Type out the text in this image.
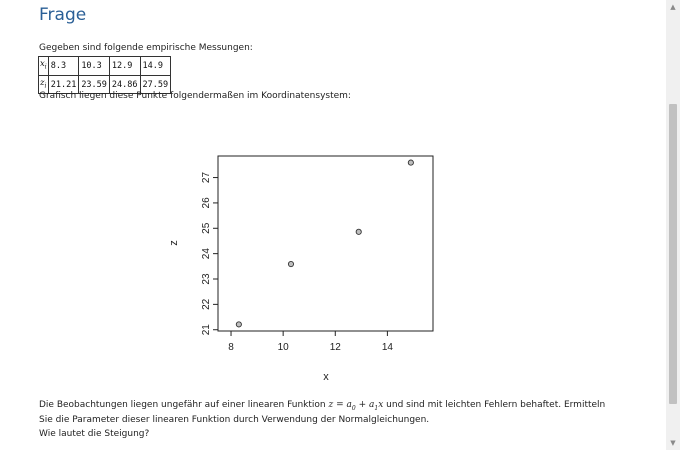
Frage
Gegeben sind folgende empirische Messungen:
$x_i$	8.3	10.3	12.9	14.9
$z_i$	21.21	23.59	24.86	27.59
Grafisch liegen diese Punkte folgendermaßen im Koordinatensystem:
8	10	12	14
21
22
23
24
25
26
27
x
z
Die Beobachtungen liegen ungefähr auf einer linearen Funktion $z = a_0 + a_1x$ und sind mit leichten Fehlern behaftet. Ermitteln
Sie die Parameter dieser linearen Funktion durch Verwendung der Normalgleichungen.
Wie lautet die Steigung?
▲
▼
